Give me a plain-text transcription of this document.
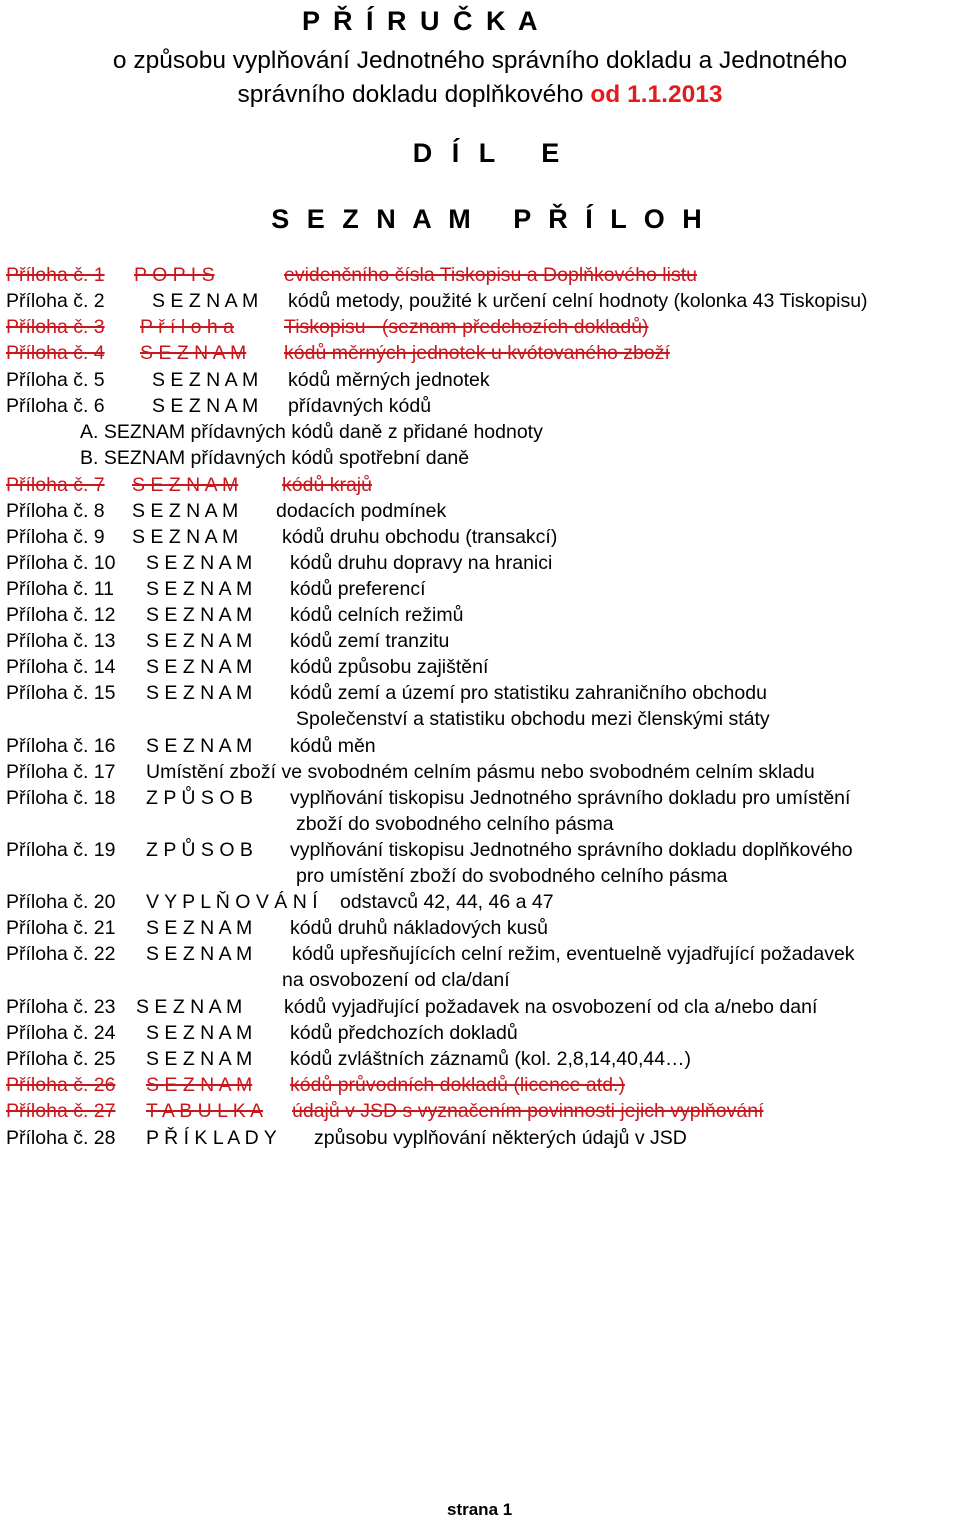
P Ř Í R U Č K A
o způsobu vyplňování Jednotného správního dokladu a Jednotného
správního dokladu doplňkového od 1.1.2013
D Í L   E
S E Z N A M   P Ř Í L O H
Příloha č. 1 P O P I S	evidenčního čísla Tiskopisu a Doplňkového listu
Příloha č. 2 S E Z N A M kódů metody, použité k určení celní hodnoty (kolonka 43 Tiskopisu)
Příloha č. 3 P ř í l o h a	Tiskopisu   (seznam předchozích dokladů)
Příloha č. 4 S E Z N A M kódů měrných jednotek u kvótovaného zboží
Příloha č. 5 S E Z N A M kódů měrných jednotek
Příloha č. 6 S E Z N A M přídavných kódů
A. SEZNAM přídavných kódů daně z přidané hodnoty
B. SEZNAM přídavných kódů spotřební daně
Příloha č. 7 S E Z N A M kódů krajů
Příloha č. 8 S E Z N A M dodacích podmínek
Příloha č. 9 S E Z N A M kódů druhu obchodu (transakcí)
Příloha č. 10 S E Z N A M kódů druhu dopravy na hranici
Příloha č. 11 S E Z N A M kódů preferencí
Příloha č. 12 S E Z N A M kódů celních režimů
Příloha č. 13 S E Z N A M kódů zemí tranzitu
Příloha č. 14 S E Z N A M kódů způsobu zajištění
Příloha č. 15 S E Z N A M kódů zemí a území pro statistiku zahraničního obchodu
Společenství a statistiku obchodu mezi členskými státy
Příloha č. 16 S E Z N A M kódů měn
Příloha č. 17 Umístění zboží ve svobodném celním pásmu nebo svobodném celním skladu
Příloha č. 18 Z P Ů S O B vyplňování tiskopisu Jednotného správního dokladu pro umístění
zboží do svobodného celního pásma
Příloha č. 19 Z P Ů S O B vyplňování tiskopisu Jednotného správního dokladu doplňkového
pro umístění zboží do svobodného celního pásma
Příloha č. 20 V Y P L Ň O V Á N Í odstavců 42, 44, 46 a 47
Příloha č. 21 S E Z N A M kódů druhů nákladových kusů
Příloha č. 22 S E Z N A M kódů upřesňujících celní režim, eventuelně vyjadřující požadavek
na osvobození od cla/daní
Příloha č. 23 S E Z N A M kódů vyjadřující požadavek na osvobození od cla a/nebo daní
Příloha č. 24 S E Z N A M kódů předchozích dokladů
Příloha č. 25 S E Z N A M kódů zvláštních záznamů (kol. 2,8,14,40,44…)
Příloha č. 26 S E Z N A M kódů průvodních dokladů (licence atd.)
Příloha č. 27 T A B U L K A údajů v JSD s vyznačením povinnosti jejich vyplňování
Příloha č. 28 P Ř Í K L A D Y způsobu vyplňování některých údajů v JSD
strana 1
